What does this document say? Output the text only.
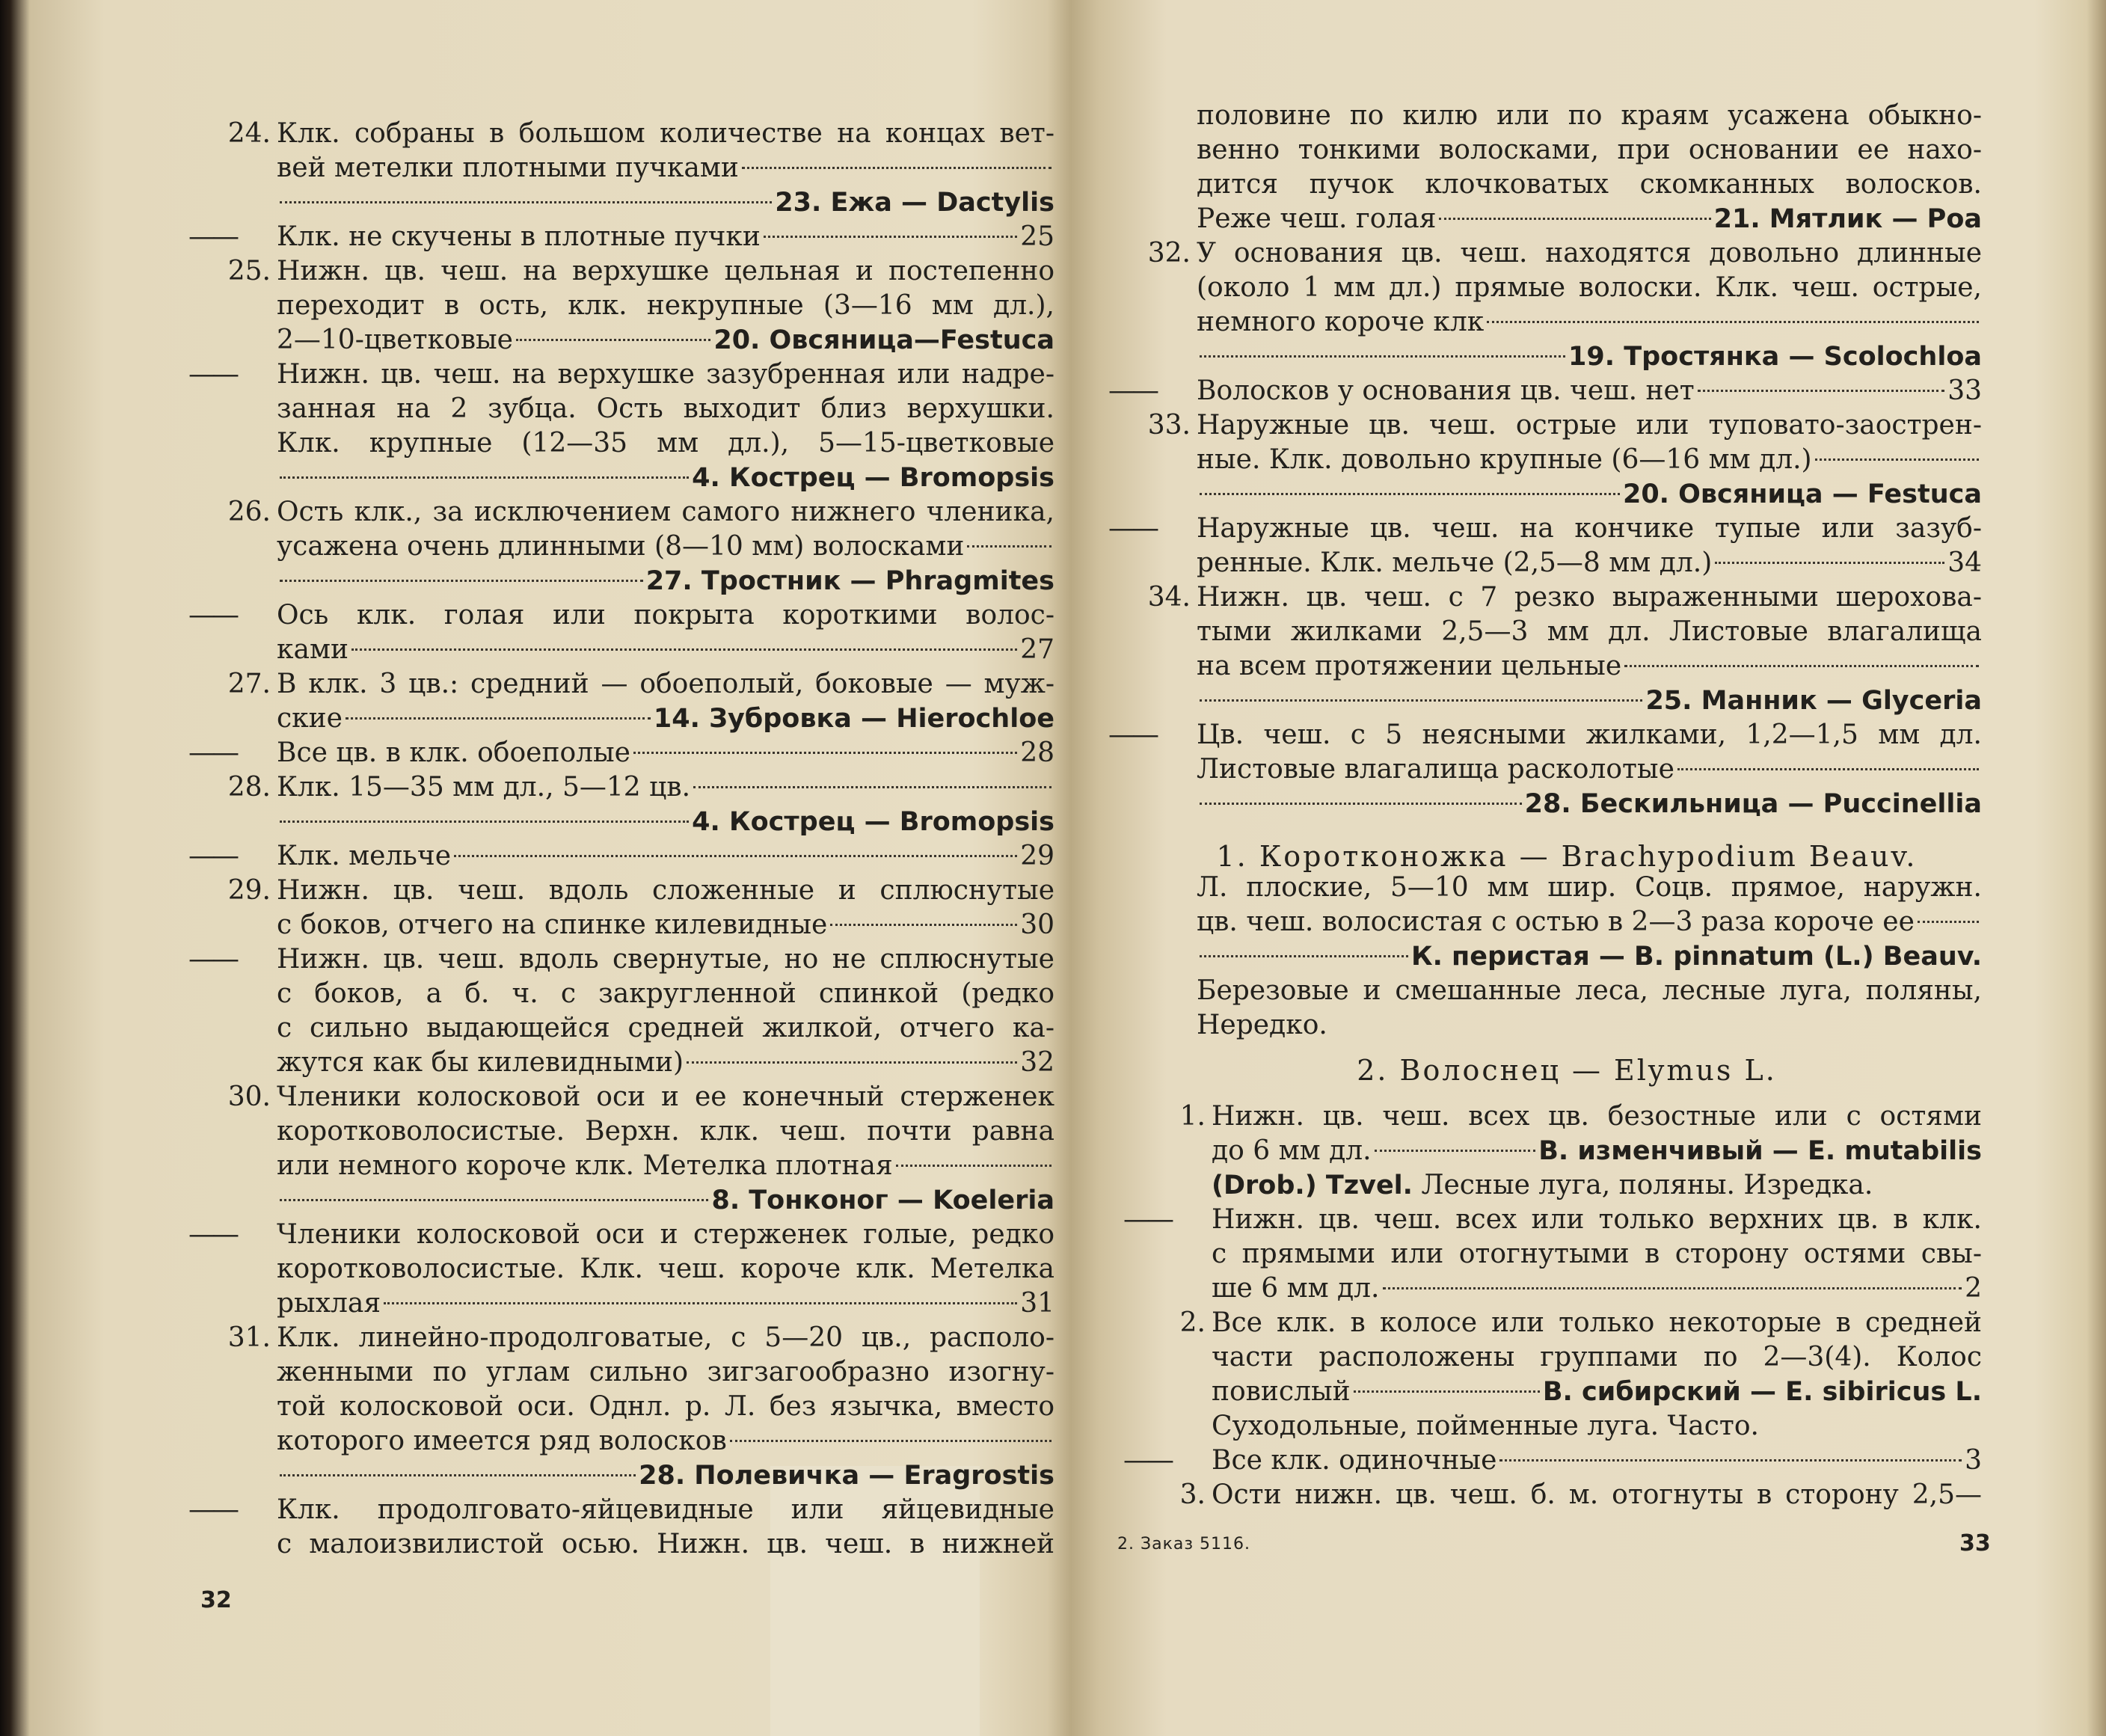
24. Клк. собраны в большом количестве на концах вет-
вей метелки плотными пучками
23. Ежа — Dactylis
——	Клк. не скучены в плотные пучки	25
25. Нижн. цв. чеш. на верхушке цельная и постепенно
переходит в ость, клк. некрупные (3—16 мм дл.),
2—10-цветковые	20. Овсяница—Festuca
——	Нижн. цв. чеш. на верхушке зазубренная или надре-
занная на 2 зубца. Ость выходит близ верхушки.
Клк. крупные (12—35 мм дл.), 5—15-цветковые
4. Кострец — Bromopsis
26. Ость клк., за исключением самого нижнего членика,
усажена очень длинными (8—10 мм) волосками
27. Тростник — Phragmites
——	Ось клк. голая или покрыта короткими волос-
ками	27
27. В клк. 3 цв.: средний — обоеполый, боковые — муж-
ские	14. Зубровка — Hierochloe
——	Все цв. в клк. обоеполые	28
28. Клк. 15—35 мм дл., 5—12 цв.
4. Кострец — Bromopsis
——	Клк. мельче	29
29. Нижн. цв. чеш. вдоль сложенные и сплюснутые
с боков, отчего на спинке килевидные	30
——	Нижн. цв. чеш. вдоль свернутые, но не сплюснутые
с боков, а б. ч. с закругленной спинкой (редко
с сильно выдающейся средней жилкой, отчего ка-
жутся как бы килевидными)	32
30. Членики колосковой оси и ее конечный стерженек
коротковолосистые. Верхн. клк. чеш. почти равна
или немного короче клк. Метелка плотная
8. Тонконог — Koeleria
——	Членики колосковой оси и стерженек голые, редко
коротковолосистые. Клк. чеш. короче клк. Метелка
рыхлая	31
31. Клк. линейно-продолговатые, с 5—20 цв., располо-
женными по углам сильно зигзагообразно изогну-
той колосковой оси. Однл. р. Л. без язычка, вместо
которого имеется ряд волосков
28. Полевичка — Eragrostis
——	Клк. продолговато-яйцевидные или яйцевидные
с малоизвилистой осью. Нижн. цв. чеш. в нижней
32
половине по килю или по краям усажена обыкно-
венно тонкими волосками, при основании ее нахо-
дится пучок клочковатых скомканных волосков.
Реже чеш. голая	21. Мятлик — Poa
32. У основания цв. чеш. находятся довольно длинные
(около 1 мм дл.) прямые волоски. Клк. чеш. острые,
немного короче клк
19. Тростянка — Scolochloa
——	Волосков у основания цв. чеш. нет	33
33. Наружные цв. чеш. острые или туповато-заострен-
ные. Клк. довольно крупные (6—16 мм дл.)
20. Овсяница — Festuca
——	Наружные цв. чеш. на кончике тупые или зазуб-
ренные. Клк. мельче (2,5—8 мм дл.)	34
34. Нижн. цв. чеш. с 7 резко выраженными шерохова-
тыми жилками 2,5—3 мм дл. Листовые влагалища
на всем протяжении цельные
25. Манник — Glyceria
——	Цв. чеш. с 5 неясными жилками, 1,2—1,5 мм дл.
Листовые влагалища расколотые
28. Бескильница — Puccinellia
1. Коротконожка — Brachypodium Beauv.
Л. плоские, 5—10 мм шир. Соцв. прямое, наружн.
цв. чеш. волосистая с остью в 2—3 раза короче ее
К. перистая — B. pinnatum (L.) Beauv.
Березовые и смешанные леса, лесные луга, поляны,
Нередко.
2. Волоснец — Elymus L.
1. Нижн. цв. чеш. всех цв. безостные или с остями
до 6 мм дл.	В. изменчивый — E. mutabilis
(Drob.) Tzvel. Лесные луга, поляны. Изредка.
——	Нижн. цв. чеш. всех или только верхних цв. в клк.
с прямыми или отогнутыми в сторону остями свы-
ше 6 мм дл.	2
2. Все клк. в колосе или только некоторые в средней
части расположены группами по 2—3(4). Колос
повислый	В. сибирский — E. sibiricus L.
Суходольные, пойменные луга. Часто.
——	Все клк. одиночные	3
3. Ости нижн. цв. чеш. б. м. отогнуты в сторону 2,5—
2. Заказ 5116.	33
